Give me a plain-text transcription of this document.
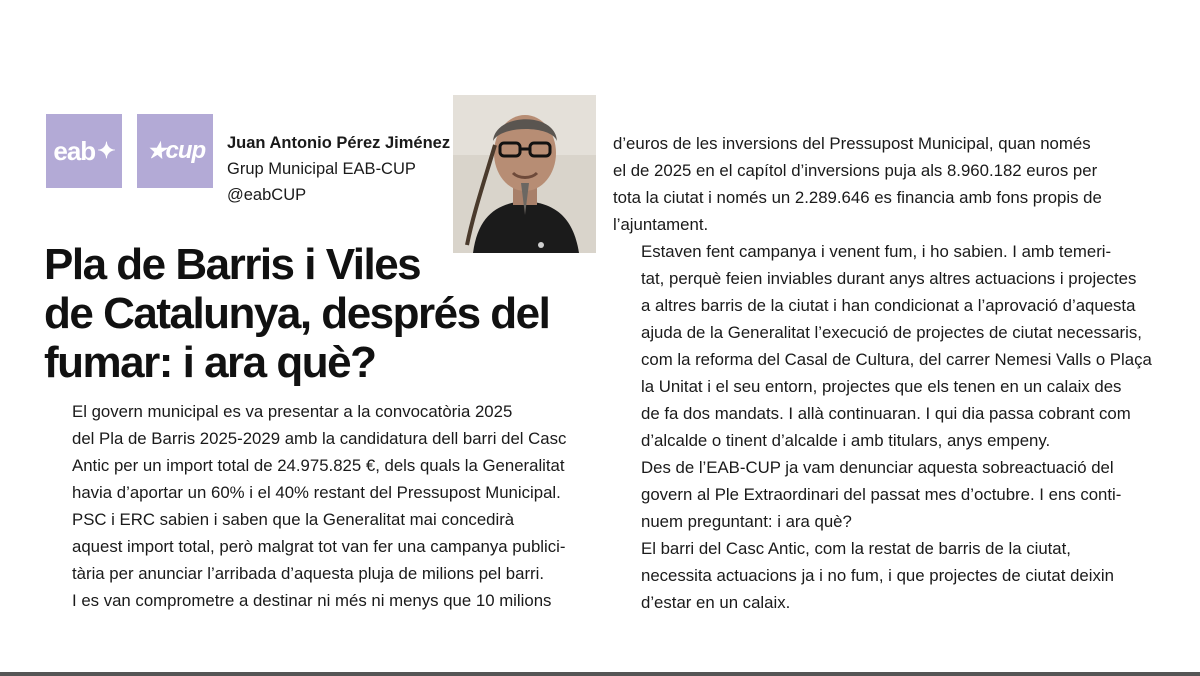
eab ✦ ★ cup Juan Antonio Pérez Jiménez
Grup Municipal EAB-CUP
@eabCUP
Pla de Barris i Viles
de Catalunya, després del
fumar: i ara què?

El govern municipal es va presentar a la convocatòria 2025
del Pla de Barris 2025-2029 amb la candidatura dell barri del Casc
Antic per un import total de 24.975.825 €, dels quals la Generalitat
havia d’aportar un 60% i el 40% restant del Pressupost Municipal.

PSC i ERC sabien i saben que la Generalitat mai concedirà
aquest import total, però malgrat tot van fer una campanya publici-
tària per anunciar l’arribada d’aquesta pluja de milions pel barri.
I es van comprometre a destinar ni més ni menys que 10 milions

d’euros de les inversions del Pressupost Municipal, quan només
el de 2025 en el capítol d’inversions puja als 8.960.182 euros per
tota la ciutat i només un 2.289.646 es financia amb fons propis de
l’ajuntament.

Estaven fent campanya i venent fum, i ho sabien. I amb temeri-
tat, perquè feien inviables durant anys altres actuacions i projectes
a altres barris de la ciutat i han condicionat a l’aprovació d’aquesta
ajuda de la Generalitat l’execució de projectes de ciutat necessaris,
com la reforma del Casal de Cultura, del carrer Nemesi Valls o Plaça
la Unitat i el seu entorn, projectes que els tenen en un calaix des
de fa dos mandats. I allà continuaran. I qui dia passa cobrant com
d’alcalde o tinent d’alcalde i amb titulars, anys empeny.

Des de l’EAB-CUP ja vam denunciar aquesta sobreactuació del
govern al Ple Extraordinari del passat mes d’octubre. I ens conti-
nuem preguntant: i ara què?

El barri del Casc Antic, com la restat de barris de la ciutat,
necessita actuacions ja i no fum, i que projectes de ciutat deixin
d’estar en un calaix.
